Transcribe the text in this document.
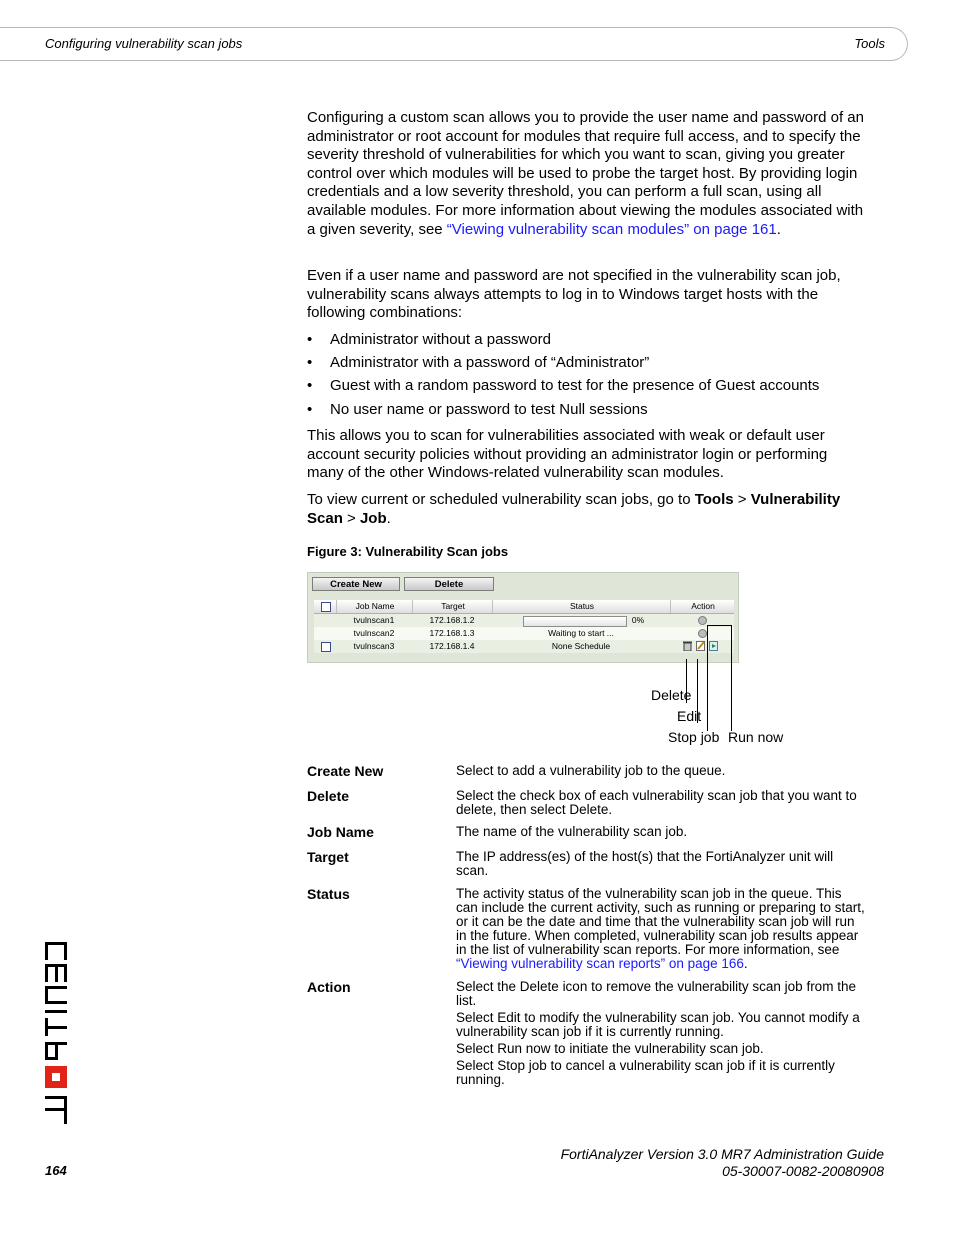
Configuring vulnerability scan jobs	Tools

Configuring a custom scan allows you to provide the user name and password of an administrator or root account for modules that require full access, and to specify the severity threshold of vulnerabilities for which you want to scan, giving you greater control over which modules will be used to probe the target host. By providing login credentials and a low severity threshold, you can perform a full scan, using all available modules. For more information about viewing the modules associated with a given severity, see “Viewing vulnerability scan modules” on page 161.

Even if a user name and password are not specified in the vulnerability scan job, vulnerability scans always attempts to log in to Windows target hosts with the following combinations:

• Administrator without a password
• Administrator with a password of “Administrator”
• Guest with a random password to test for the presence of Guest accounts
• No user name or password to test Null sessions

This allows you to scan for vulnerabilities associated with weak or default user account security policies without providing an administrator login or performing many of the other Windows-related vulnerability scan modules.

To view current or scheduled vulnerability scan jobs, go to Tools > Vulnerability Scan > Job.

Figure 3: Vulnerability Scan jobs
Create New	Delete
Job Name	Target	Status	Action
tvulnscan1	172.168.1.2	0%
tvulnscan2	172.168.1.3	Waiting to start ...
tvulnscan3	172.168.1.4	None Schedule
Delete
Edit
Stop job Run now
Create New	Select to add a vulnerability job to the queue.
Delete	Select the check box of each vulnerability scan job that you want to delete, then select Delete.
Job Name	The name of the vulnerability scan job.
Target	The IP address(es) of the host(s) that the FortiAnalyzer unit will scan.
Status	The activity status of the vulnerability scan job in the queue. This can include the current activity, such as running or preparing to start, or it can be the date and time that the vulnerability scan job will run in the future. When completed, vulnerability scan job results appear in the list of vulnerability scan reports. For more information, see “Viewing vulnerability scan reports” on page 166.
Action	Select the Delete icon to remove the vulnerability scan job from the list.
Select Edit to modify the vulnerability scan job. You cannot modify a vulnerability scan job if it is currently running.
Select Run now to initiate the vulnerability scan job.
Select Stop job to cancel a vulnerability scan job if it is currently running.
164
FortiAnalyzer Version 3.0 MR7 Administration Guide
05-30007-0082-20080908
